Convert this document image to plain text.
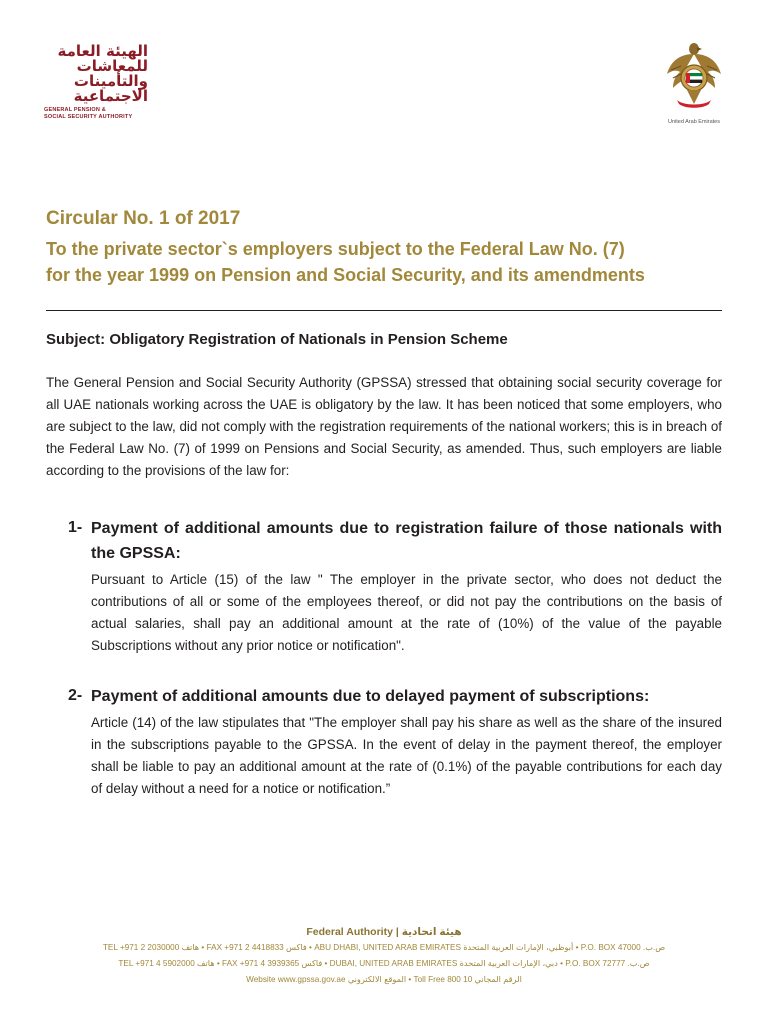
الهيئة العامة
للمعاشات
والتأمينات
الاجتماعية
GENERAL PENSION &
SOCIAL SECURITY AUTHORITY
United Arab Emirates
Circular No. 1 of 2017
To the private sector`s employers subject to the Federal Law No. (7)
for the year 1999 on Pension and Social Security, and its amendments
Subject: Obligatory Registration of Nationals in Pension Scheme
The General Pension and Social Security Authority (GPSSA) stressed that obtaining social security coverage for all UAE nationals working across the UAE is obligatory by the law. It has been noticed that some employers, who are subject to the law, did not comply with the registration requirements of the national workers; this is in breach of the Federal Law No. (7) of 1999 on Pensions and Social Security, as amended. Thus, such employers are liable according to the provisions of the law for:
1- Payment of additional amounts due to registration failure of those nationals with the GPSSA:
Pursuant to Article (15) of the law " The employer in the private sector, who does not deduct the contributions of all or some of the employees thereof, or did not pay the contributions on the basis of actual salaries, shall pay an additional amount at the rate of (10%) of the value of the payable Subscriptions without any prior notice or notification".
2- Payment of additional amounts due to delayed payment of subscriptions:
Article (14) of the law stipulates that "The employer shall pay his share as well as the share of the insured in the subscriptions payable to the GPSSA. In the event of delay in the payment thereof, the employer shall be liable to pay an additional amount at the rate of (0.1%) of the payable contributions for each day of delay without a need for a notice or notification.”
Federal Authority | هيئة اتحادية
TEL +971 2 2030000 هاتف • FAX +971 2 4418833 فاكس • ABU DHABI, UNITED ARAB EMIRATES أبوظبي، الإمارات العربية المتحدة • P.O. BOX 47000 ص.ب.
TEL +971 4 5902000 هاتف • FAX +971 4 3939365 فاكس • DUBAI, UNITED ARAB EMIRATES دبي، الإمارات العربية المتحدة • P.O. BOX 72777 ص.ب.
Website www.gpssa.gov.ae الموقع الالكتروني • Toll Free 800 10 الرقم المجاني
